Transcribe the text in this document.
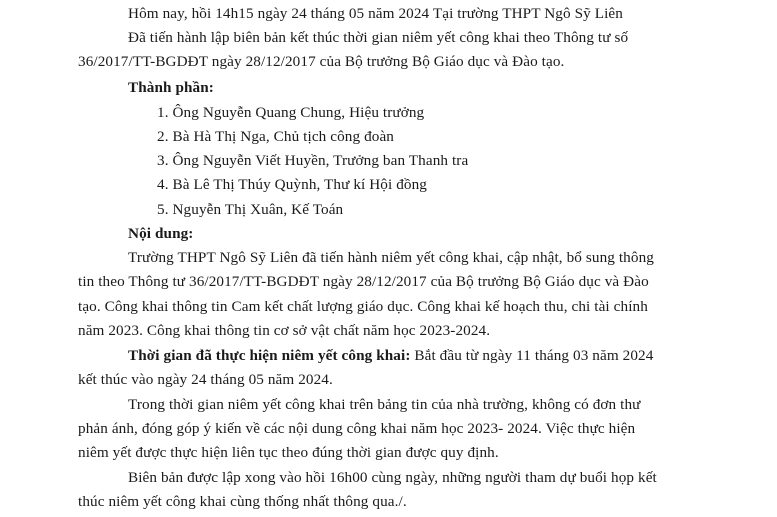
Hôm nay, hồi 14h15 ngày 24 tháng 05 năm 2024 Tại trường THPT Ngô Sỹ Liên
Đã tiến hành lập biên bản kết thúc thời gian niêm yết công khai theo Thông tư số
36/2017/TT-BGDĐT ngày 28/12/2017 của Bộ trưởng Bộ Giáo dục và Đào tạo.
Thành phần:
1. Ông Nguyễn Quang Chung, Hiệu trưởng
2. Bà Hà Thị Nga, Chủ tịch công đoàn
3. Ông Nguyễn Viết Huyền, Trưởng ban Thanh tra
4. Bà Lê Thị Thúy Quỳnh, Thư kí Hội đồng
5. Nguyễn Thị Xuân, Kế Toán
Nội dung:
Trường THPT Ngô Sỹ Liên đã tiến hành niêm yết công khai, cập nhật, bổ sung thông
tin theo Thông tư 36/2017/TT-BGDĐT ngày 28/12/2017 của Bộ trưởng Bộ Giáo dục và Đào
tạo. Công khai thông tin Cam kết chất lượng giáo dục. Công khai kế hoạch thu, chi tài chính
năm 2023. Công khai thông tin cơ sở vật chất năm học 2023-2024.
Thời gian đã thực hiện niêm yết công khai: Bắt đầu từ ngày 11 tháng 03 năm 2024
kết thúc vào ngày 24 tháng 05 năm 2024.
Trong thời gian niêm yết công khai trên bảng tin của nhà trường, không có đơn thư
phản ánh, đóng góp ý kiến về các nội dung công khai năm học 2023- 2024. Việc thực hiện
niêm yết được thực hiện liên tục theo đúng thời gian được quy định.
Biên bản được lập xong vào hồi 16h00 cùng ngày, những người tham dự buổi họp kết
thúc niêm yết công khai cùng thống nhất thông qua./.
